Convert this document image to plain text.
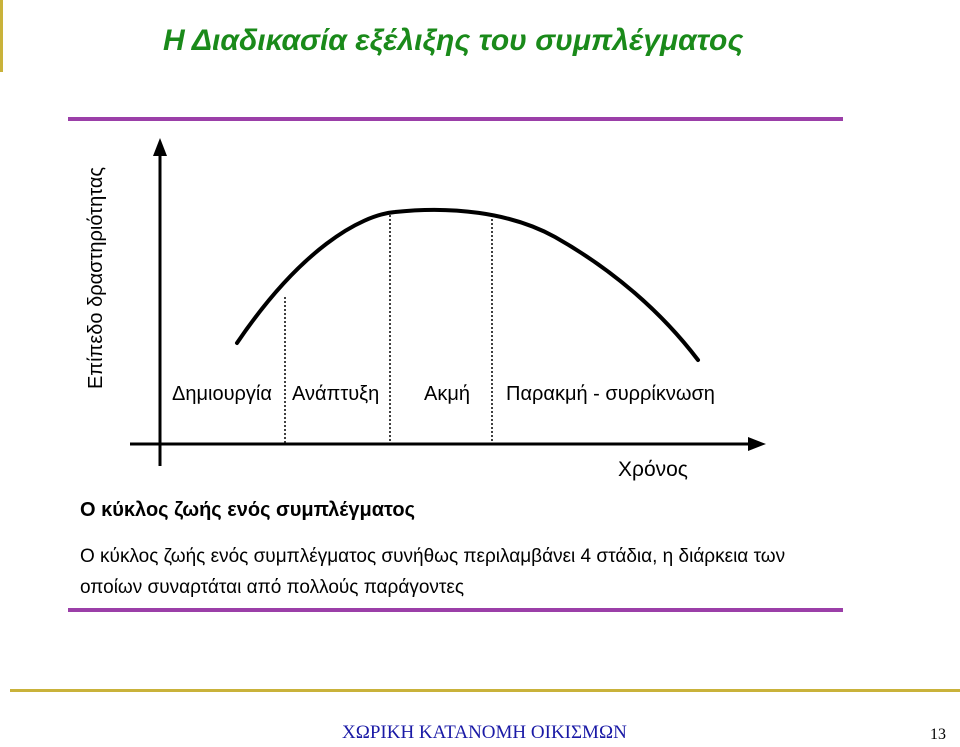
Η Διαδικασία εξέλιξης του συμπλέγματος
Επίπεδο δραστηριότητας
Δημιουργία Ανάπτυξη Ακμή Παρακμή - συρρίκνωση
Χρόνος
Ο κύκλος ζωής ενός συμπλέγματος
Ο κύκλος ζωής ενός συμπλέγματος συνήθως περιλαμβάνει 4 στάδια, η διάρκεια των οποίων συναρτάται από πολλούς παράγοντες
ΧΩΡΙΚΗ ΚΑΤΑΝΟΜΗ ΟΙΚΙΣΜΩΝ	13
